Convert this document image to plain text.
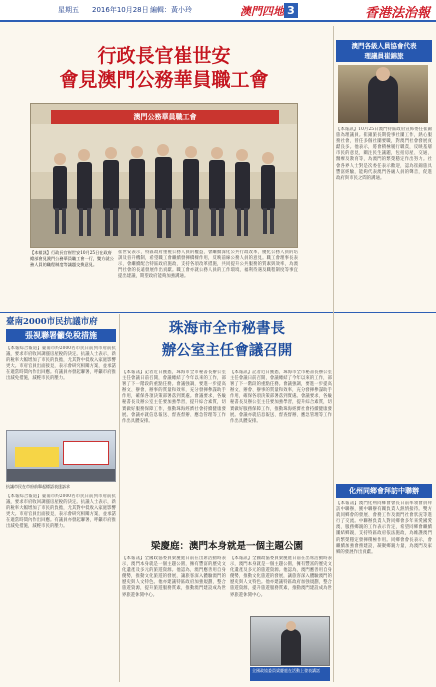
星期五 2016年10月28日 編輯：黃小玲	澳門四地 3	香港法治報
行政長官崔世安
會見澳門公務華員職工會
澳門公務華員職工會
【本報訊】行政長官崔世安10月25日在政府總部會見澳門公務華員職工會一行，雙方就公務人員的職程制度等議題交換意見。
崔世安表示，特區政府重視公務人員的權益，會繼續深化公共行政改革，優化公務人員的培訓及晉升機制，希望職工會繼續發揮橋樑作用，反映前線公務人員的意見。職工會理事長表示，會繼續配合特區政府施政，支持各項改革措施，共同提升公共服務的質素與效率，為澳門社會的長遠發展作出貢獻。職工會亦就公務人員的工作環境、福利待遇及職程制度等事宜提出建議，期望政府能夠加強溝通。
澳門各級人員協會代表
理議員崔錦旅
【本報訊】10月25日澳門特區政府宣佈委任崔錦旅為理議員。崔錦旅長期從事社團工作，熱心服務社會，曾任多個社團要職，對澳門社會發展貢獻良多。他表示，將會積極履行職責，反映基層市民的意見，關注民生議題，包括房屋、交通、醫療及教育等，為澳門的繁榮穩定作出努力。社會各界人士對是次委任表示歡迎，認為崔錦旅具豐富經驗，能夠代表澳門各級人員的聲音，促進政府與市民之間的溝通。
臺南2000市民抗議市府
張視聯署籲免稅措施
【本報綜合報道】臺南市約2000名市民日前到市府前抗議，要求市府收回調漲房屋稅的決定。抗議人士表示，新的稅率大幅增加了市民的負擔，尤其對中低收入家庭影響更大。市府官員出面接見，表示會研究相關方案，並承諾在適當時間內作出回應。有議員亦發起聯署，呼籲市府推出減免措施，減輕市民的壓力。
抗議市民在市府前舉起標語表達訴求
【本報綜合報道】臺南市約2000名市民日前到市府前抗議，要求市府收回調漲房屋稅的決定。抗議人士表示，新的稅率大幅增加了市民的負擔，尤其對中低收入家庭影響更大。市府官員出面接見，表示會研究相關方案，並承諾在適當時間內作出回應。有議員亦發起聯署，呼籲市府推出減免措施，減輕市民的壓力。
珠海市全市秘書長
辦公室主任會議召開
【本報訊】記者近日獲悉，珠海市全市秘書長辦公室主任會議日前召開，會議總結了今年以來的工作，部署了下一階段的重點任務。會議強調，要進一步提高辦文、辦會、辦事的質量和效率，充分發揮參謀助手作用，確保各項決策部署落到實處。會議要求，各級秘書長及辦公室主任要加強學習，提升綜合素質，切實做好服務保障工作，推動珠海經濟社會持續健康發展。會議亦就信息報送、督查督辦、應急管理等工作作出具體安排。
【本報訊】記者近日獲悉，珠海市全市秘書長辦公室主任會議日前召開，會議總結了今年以來的工作，部署了下一階段的重點任務。會議強調，要進一步提高辦文、辦會、辦事的質量和效率，充分發揮參謀助手作用，確保各項決策部署落到實處。會議要求，各級秘書長及辦公室主任要加強學習，提升綜合素質，切實做好服務保障工作，推動珠海經濟社會持續健康發展。會議亦就信息報送、督查督辦、應急管理等工作作出具體安排。
梁慶庭：澳門本身就是一個主題公園
【本報訊】全國政協委員梁慶庭日前在出席活動時表示，澳門本身就是一個主題公園，擁有豐富的歷史文化遺產及多元的旅遊資源。他認為，澳門應善用自身優勢，推動文化旅遊的發展，讓旅客深入體驗澳門的歷史與人文特色。他亦建議特區政府加強規劃，整合旅遊資源，提升旅遊服務質素，推動澳門建設成為世界旅遊休閒中心。
【本報訊】全國政協委員梁慶庭日前在出席活動時表示，澳門本身就是一個主題公園，擁有豐富的歷史文化遺產及多元的旅遊資源。他認為，澳門應善用自身優勢，推動文化旅遊的發展，讓旅客深入體驗澳門的歷史與人文特色。他亦建議特區政府加強規劃，整合旅遊資源，提升旅遊服務質素，推動澳門建設成為世界旅遊休閒中心。
全國政協委員梁慶庭在活動上發表講話
化州同鄉會拜訪中聯辦
【本報訊】澳門化州同鄉會會長日前率領會員拜訪中聯辦，獲中聯辦有關負責人熱情接待。雙方就同鄉會的發展、會務工作及澳門社會狀況等進行了交流。中聯辦負責人對同鄉會多年來愛國愛澳、服務鄉親的工作表示肯定，希望同鄉會繼續團結鄉親，支持特區政府依法施政，為維護澳門的繁榮穩定發揮積極作用。同鄉會會長表示，會繼續加強會務建設，凝聚鄉親力量，為澳門及家鄉的發展作出貢獻。
